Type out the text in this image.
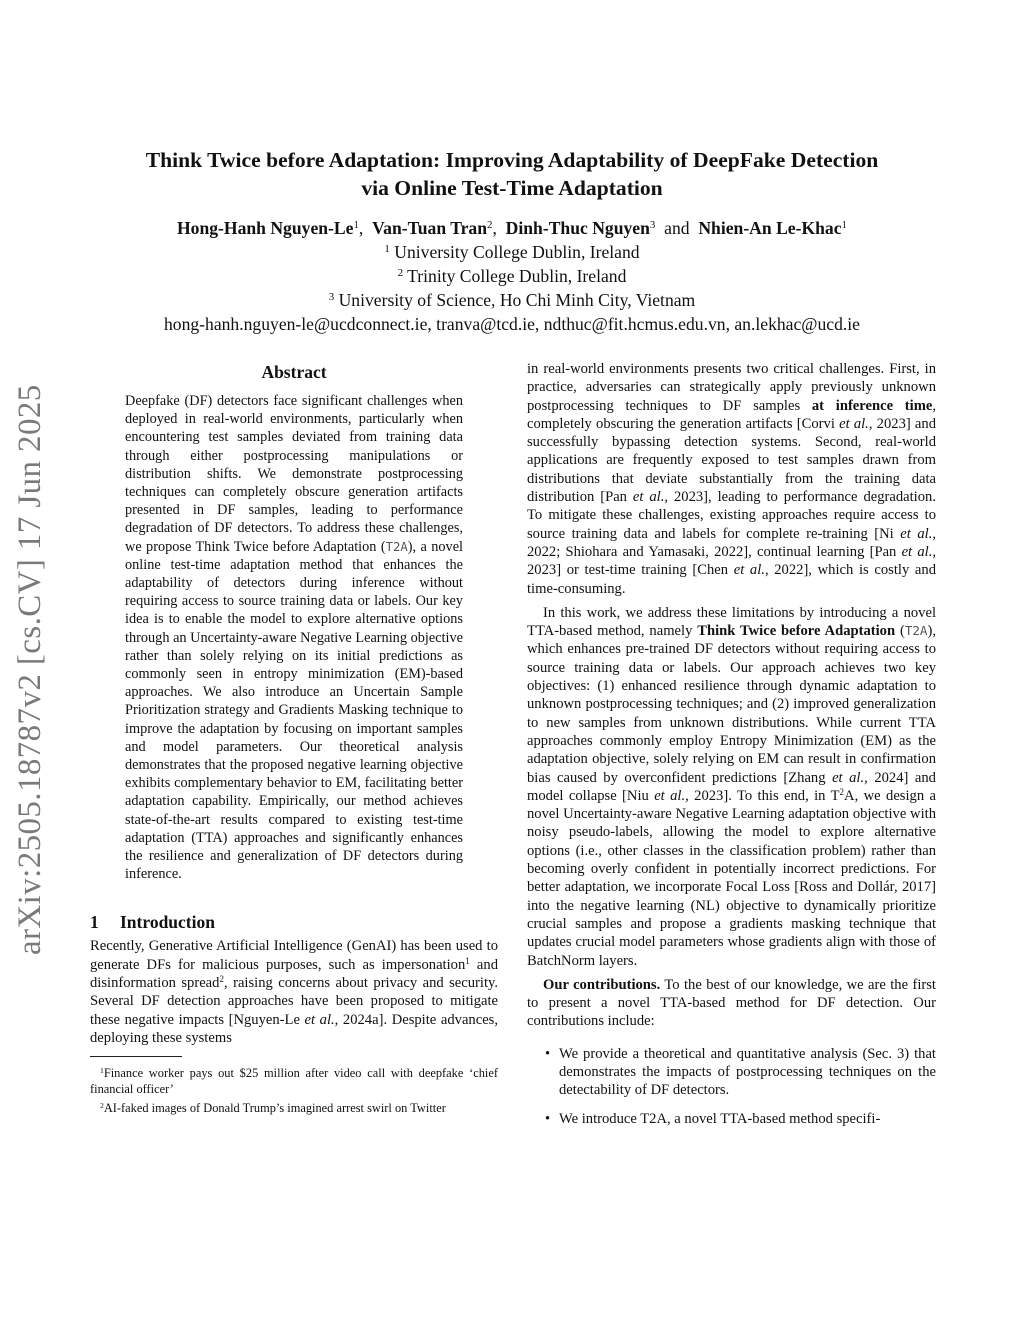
arXiv:2505.18787v2 [cs.CV] 17 Jun 2025
Think Twice before Adaptation: Improving Adaptability of DeepFake Detection
via Online Test-Time Adaptation
Hong-Hanh Nguyen-Le$^1$, Van-Tuan Tran$^2$, Dinh-Thuc Nguyen$^3$ and Nhien-An Le-Khac$^1$
$^1$ University College Dublin, Ireland
$^2$ Trinity College Dublin, Ireland
$^3$ University of Science, Ho Chi Minh City, Vietnam
hong-hanh.nguyen-le@ucdconnect.ie, tranva@tcd.ie, ndthuc@fit.hcmus.edu.vn, an.lekhac@ucd.ie
Abstract
Deepfake (DF) detectors face significant challenges when deployed in real-world environments, particularly when encountering test samples deviated from training data through either postprocessing manipulations or distribution shifts. We demonstrate postprocessing techniques can completely obscure generation artifacts presented in DF samples, leading to performance degradation of DF detectors. To address these challenges, we propose Think Twice before Adaptation (T2A), a novel online test-time adaptation method that enhances the adaptability of detectors during inference without requiring access to source training data or labels. Our key idea is to enable the model to explore alternative options through an Uncertainty-aware Negative Learning objective rather than solely relying on its initial predictions as commonly seen in entropy minimization (EM)-based approaches. We also introduce an Uncertain Sample Prioritization strategy and Gradients Masking technique to improve the adaptation by focusing on important samples and model parameters. Our theoretical analysis demonstrates that the proposed negative learning objective exhibits complementary behavior to EM, facilitating better adaptation capability. Empirically, our method achieves state-of-the-art results compared to existing test-time adaptation (TTA) approaches and significantly enhances the resilience and generalization of DF detectors during inference.
1 Introduction
Recently, Generative Artificial Intelligence (GenAI) has been used to generate DFs for malicious purposes, such as impersonation$^1$ and disinformation spread$^2$, raising concerns about privacy and security. Several DF detection approaches have been proposed to mitigate these negative impacts [Nguyen-Le et al., 2024a]. Despite advances, deploying these systems

$^1$Finance worker pays out $25 million after video call with deepfake ‘chief financial officer’

$^2$AI-faked images of Donald Trump’s imagined arrest swirl on Twitter

in real-world environments presents two critical challenges. First, in practice, adversaries can strategically apply previously unknown postprocessing techniques to DF samples at inference time, completely obscuring the generation artifacts [Corvi et al., 2023] and successfully bypassing detection systems. Second, real-world applications are frequently exposed to test samples drawn from distributions that deviate substantially from the training data distribution [Pan et al., 2023], leading to performance degradation. To mitigate these challenges, existing approaches require access to source training data and labels for complete re-training [Ni et al., 2022; Shiohara and Yamasaki, 2022], continual learning [Pan et al., 2023] or test-time training [Chen et al., 2022], which is costly and time-consuming.

In this work, we address these limitations by introducing a novel TTA-based method, namely Think Twice before Adaptation (T2A), which enhances pre-trained DF detectors without requiring access to source training data or labels. Our approach achieves two key objectives: (1) enhanced resilience through dynamic adaptation to unknown postprocessing techniques; and (2) improved generalization to new samples from unknown distributions. While current TTA approaches commonly employ Entropy Minimization (EM) as the adaptation objective, solely relying on EM can result in confirmation bias caused by overconfident predictions [Zhang et al., 2024] and model collapse [Niu et al., 2023]. To this end, in $T^2A$, we design a novel Uncertainty-aware Negative Learning adaptation objective with noisy pseudo-labels, allowing the model to explore alternative options (i.e., other classes in the classification problem) rather than becoming overly confident in potentially incorrect predictions. For better adaptation, we incorporate Focal Loss [Ross and Dollár, 2017] into the negative learning (NL) objective to dynamically prioritize crucial samples and propose a gradients masking technique that updates crucial model parameters whose gradients align with those of BatchNorm layers.

Our contributions. To the best of our knowledge, we are the first to present a novel TTA-based method for DF detection. Our contributions include:

• We provide a theoretical and quantitative analysis (Sec. 3) that demonstrates the impacts of postprocessing techniques on the detectability of DF detectors.
• We introduce T2A, a novel TTA-based method specifi-
